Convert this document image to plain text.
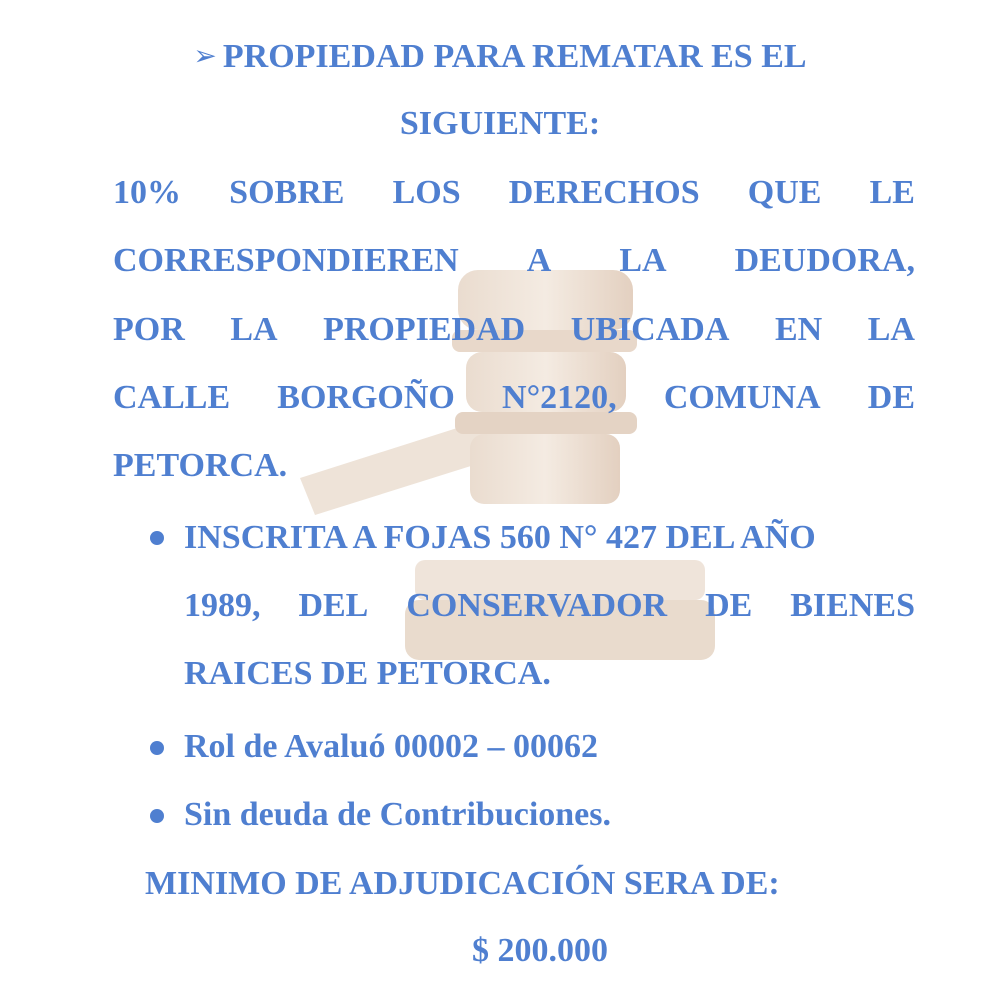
➢ PROPIEDAD PARA REMATAR ES EL
SIGUIENTE:
10% SOBRE LOS DERECHOS QUE LE
CORRESPONDIEREN A LA DEUDORA,
POR LA PROPIEDAD UBICADA EN LA
CALLE BORGOÑO N°2120, COMUNA DE
PETORCA.
INSCRITA A FOJAS 560 N° 427 DEL AÑO
1989, DEL CONSERVADOR DE BIENES
RAICES DE PETORCA.
Rol de Avaluó 00002 – 00062
Sin deuda de Contribuciones.
MINIMO DE ADJUDICACIÓN SERA DE:
$ 200.000
